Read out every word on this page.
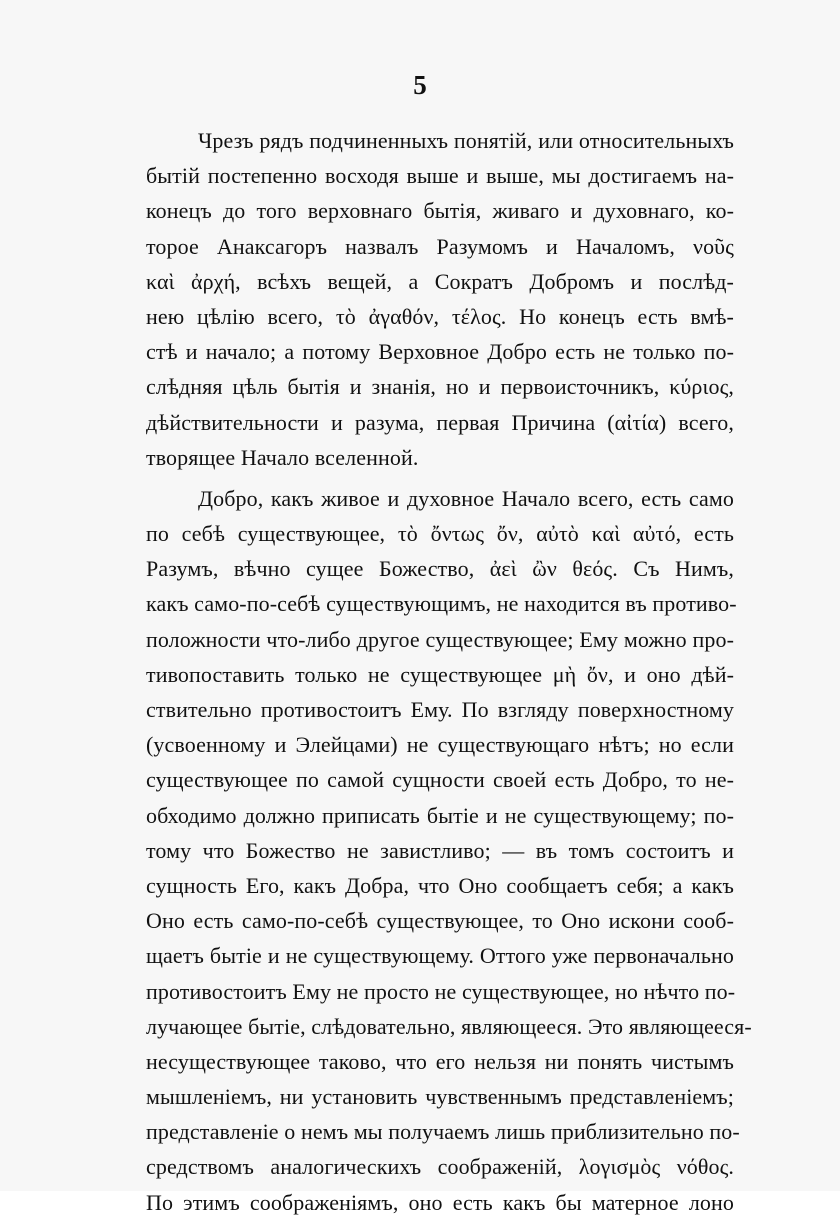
5
Чрезъ рядъ подчиненныхъ понятій, или относительныхъ
бытій постепенно восходя выше и выше, мы достигаемъ на-
конецъ до того верховнаго бытія, живаго и духовнаго, ко-
торое Анаксагоръ назвалъ Разумомъ и Началомъ, νοῦς
καὶ ἀρχή, всѣхъ вещей, а Сократъ Добромъ и послѣд-
нею цѣлію всего, τὸ ἀγαθόν, τέλος. Но конецъ есть вмѣ-
стѣ и начало; а потому Верховное Добро есть не только по-
слѣдняя цѣль бытія и знанія, но и первоисточникъ, κύριος,
дѣйствительности и разума, первая Причина (αἰτία) всего,
творящее Начало вселенной.
Добро, какъ живое и духовное Начало всего, есть само
по себѣ существующее, τὸ ὄντως ὄν, αὐτὸ καὶ αὐτό, есть
Разумъ, вѣчно сущее Божество, ἀεὶ ὢν θεός. Съ Нимъ,
какъ само-по-себѣ существующимъ, не находится въ противо-
положности что-либо другое существующее; Ему можно про-
тивопоставить только не существующее μὴ ὄν, и оно дѣй-
ствительно противостоитъ Ему. По взгляду поверхностному
(усвоенному и Элейцами) не существующаго нѣтъ; но если
существующее по самой сущности своей есть Добро, то не-
обходимо должно приписать бытіе и не существующему; по-
тому что Божество не завистливо; — въ томъ состоитъ и
сущность Его, какъ Добра, что Оно сообщаетъ себя; а какъ
Оно есть само-по-себѣ существующее, то Оно искони сооб-
щаетъ бытіе и не существующему. Оттого уже первоначально
противостоитъ Ему не просто не существующее, но нѣчто по-
лучающее бытіе, слѣдовательно, являющееся. Это являющееся-
несуществующее таково, что его нельзя ни понять чистымъ
мышленіемъ, ни установить чувственнымъ представленіемъ;
представленіе о немъ мы получаемъ лишь приблизительно по-
средствомъ аналогическихъ соображеній, λογισμὸς νόθος.
По этимъ соображеніямъ, оно есть какъ бы матерное лоно
